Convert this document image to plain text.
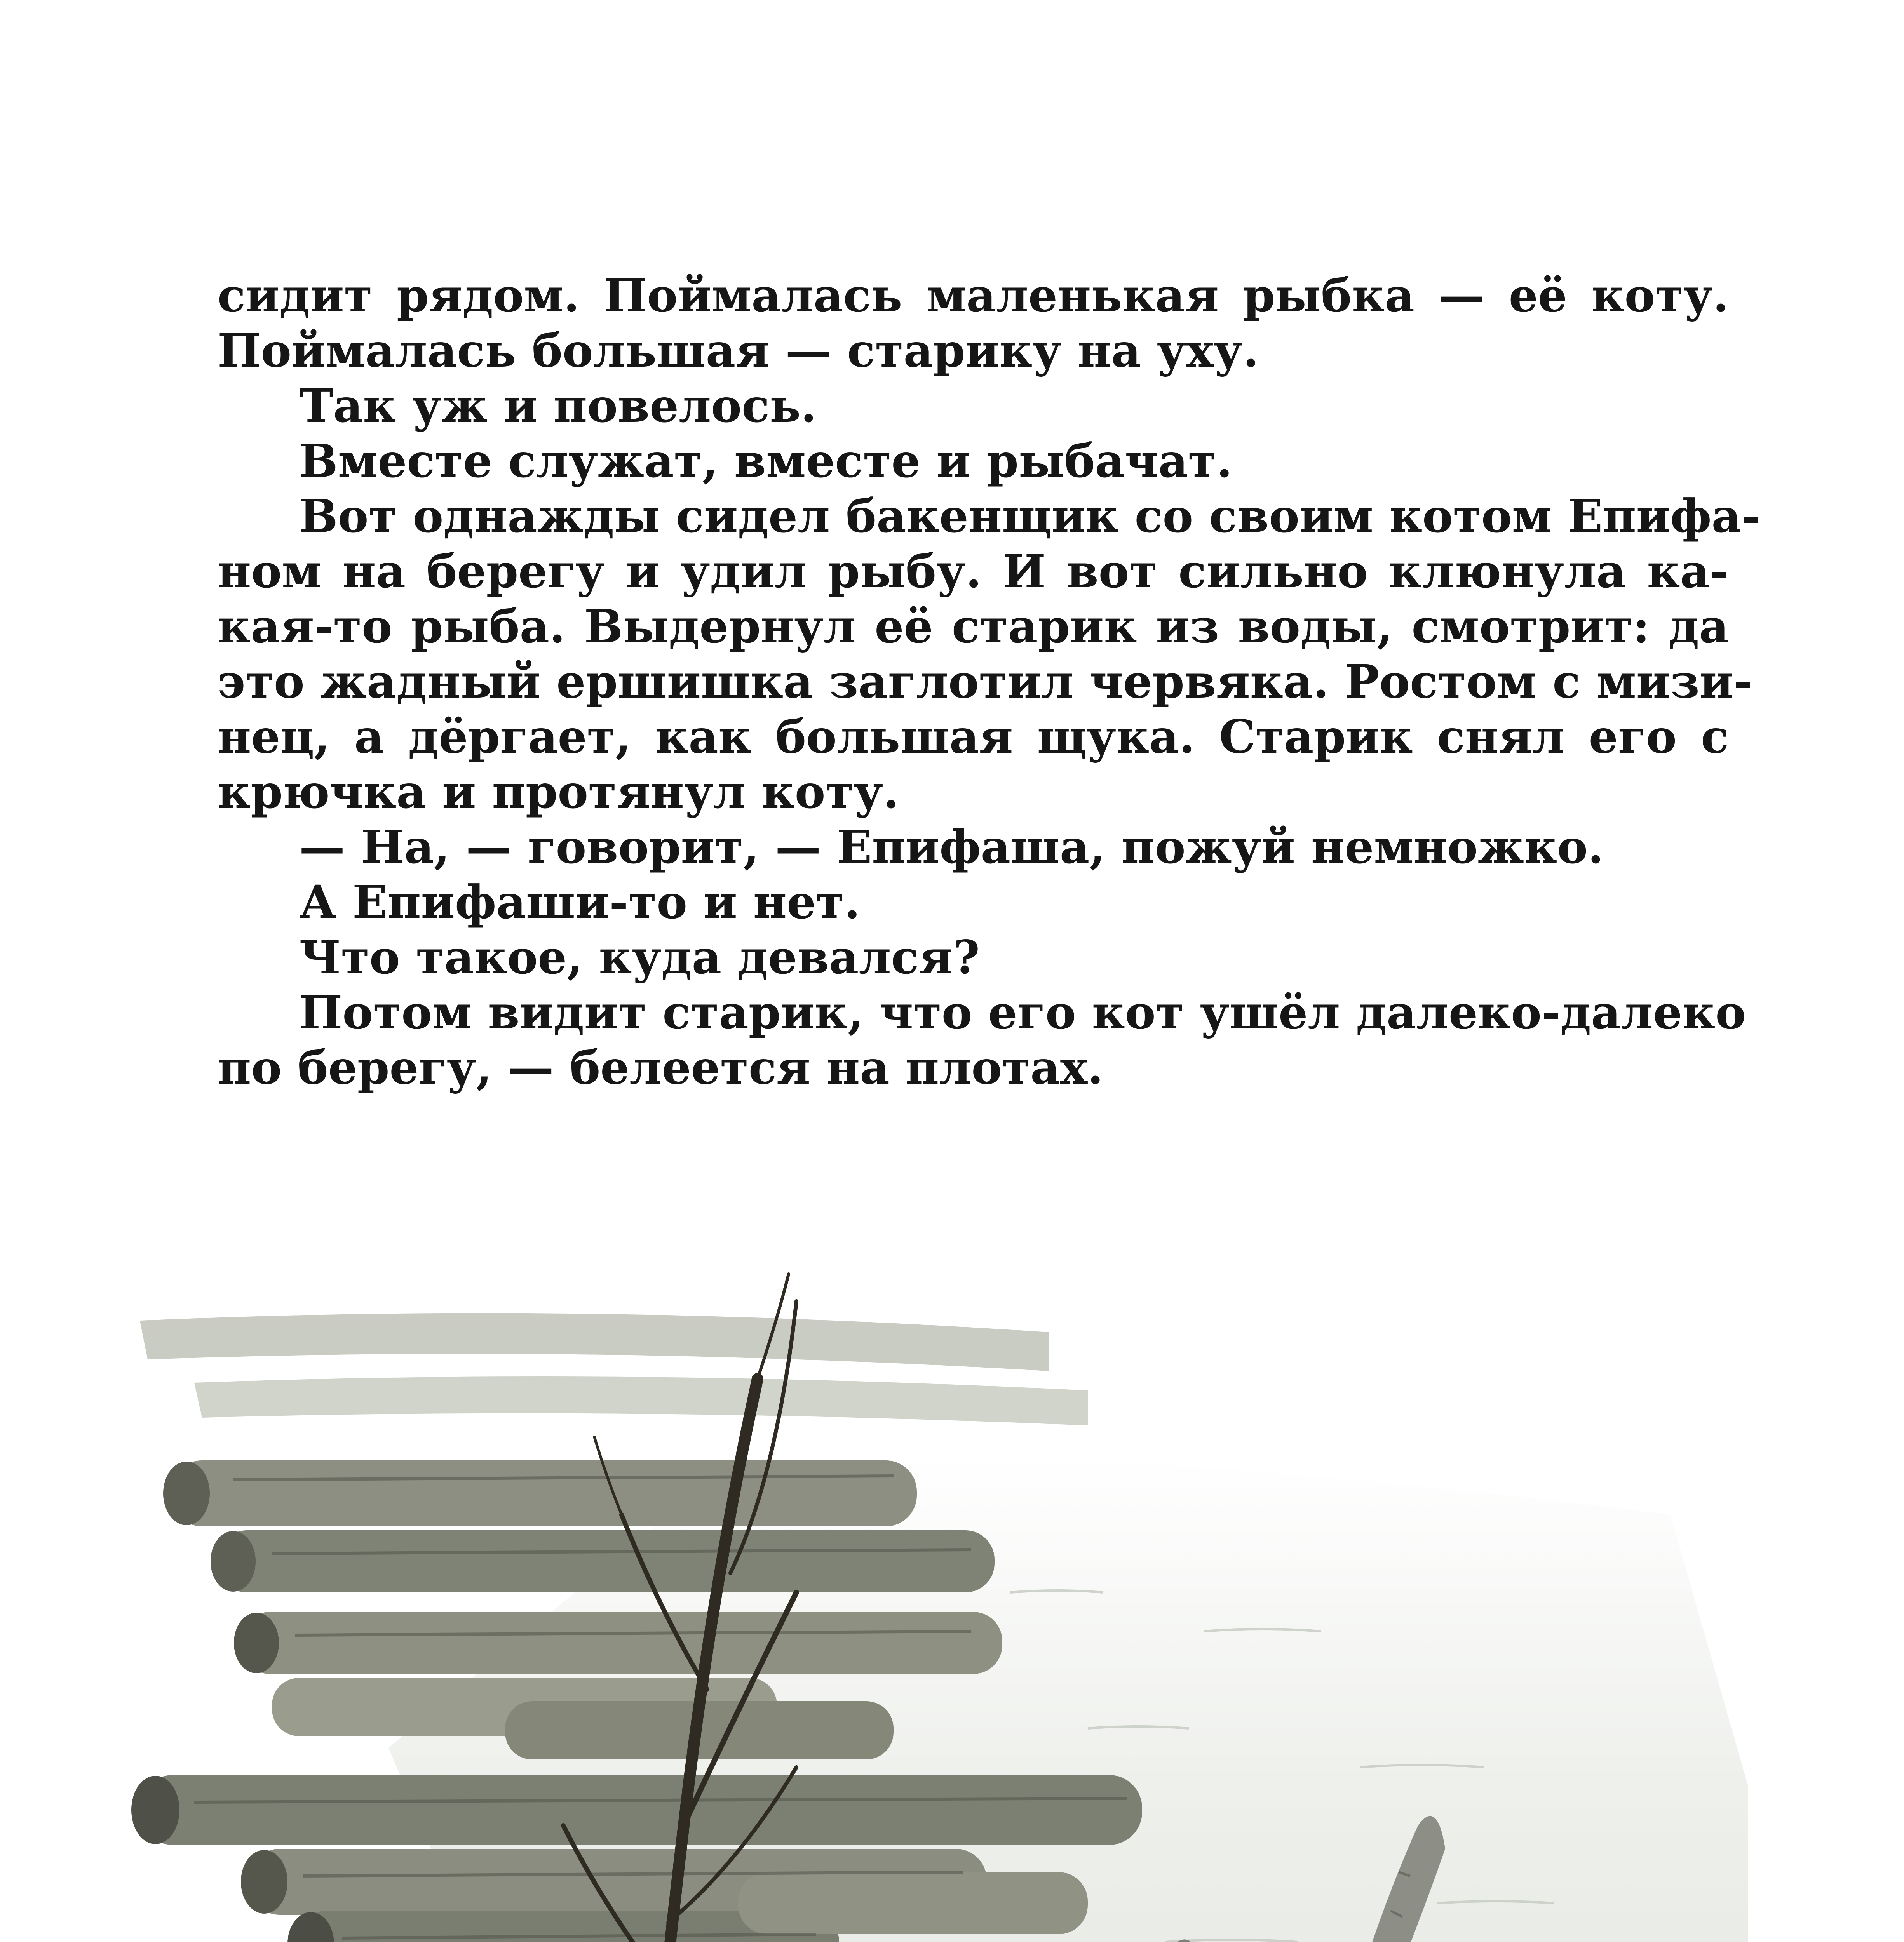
сидит рядом. Поймалась маленькая рыбка — её коту.
Поймалась большая — старику на уху.
Так уж и повелось.
Вместе служат, вместе и рыбачат.
Вот однажды сидел бакенщик со своим котом Епифа-
ном на берегу и удил рыбу. И вот сильно клюнула ка-
кая-то рыба. Выдернул её старик из воды, смотрит: да
это жадный ершишка заглотил червяка. Ростом с мизи-
нец, а дёргает, как большая щука. Старик снял его с
крючка и протянул коту.
— На, — говорит, — Епифаша, пожуй немножко.
А Епифаши-то и нет.
Что такое, куда девался?
Потом видит старик, что его кот ушёл далеко-далеко
по берегу, — белеется на плотах.
